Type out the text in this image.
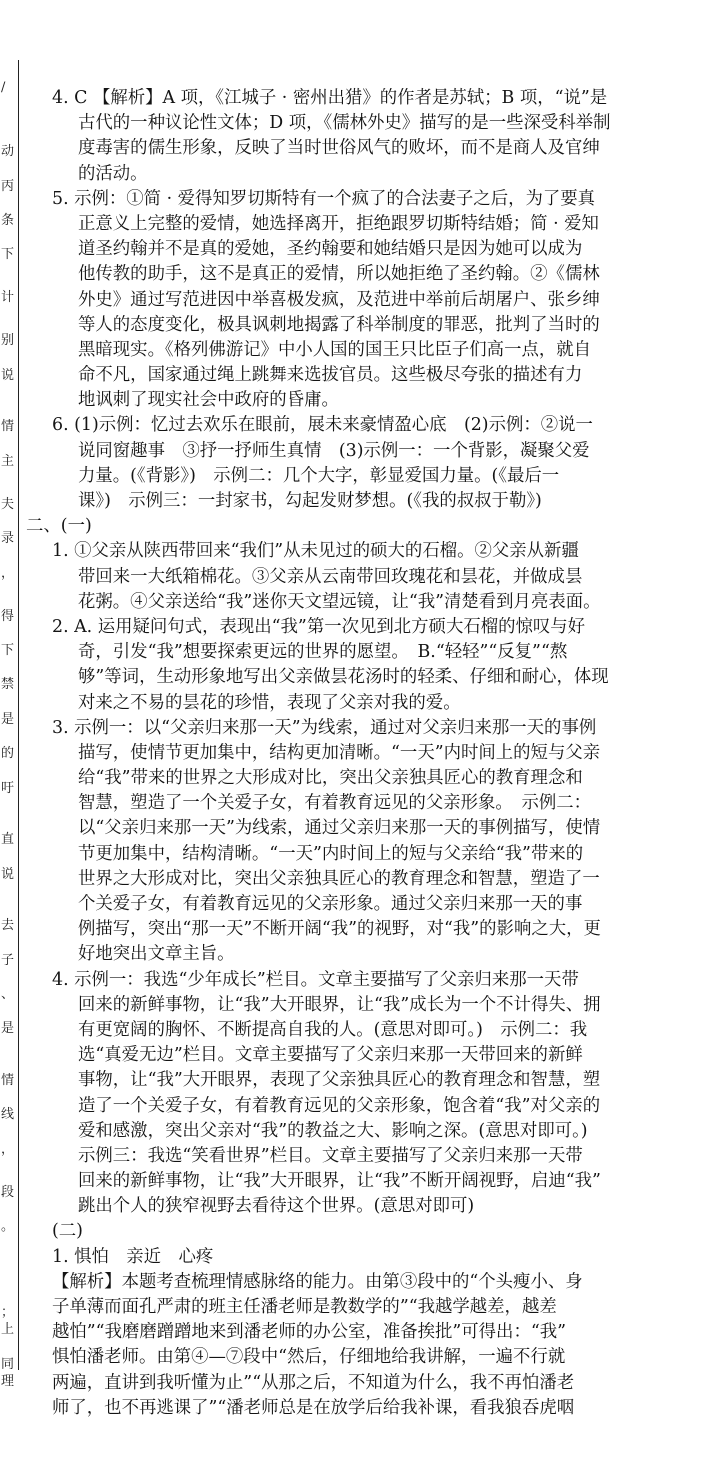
/
动
丙
条
下
计
别
说
情
主
夫
录
，
得
下
禁
是
的
吁
直
说
去
子
、
是
情
线
，
段
。
；
上
同
理
4. C 【解析】A 项，《江城子 · 密州出猎》的作者是苏轼；B 项，“说”是
古代的一种议论性文体；D 项，《儒林外史》描写的是一些深受科举制
度毒害的儒生形象，反映了当时世俗风气的败坏，而不是商人及官绅
的活动。
5. 示例：①简 · 爱得知罗切斯特有一个疯了的合法妻子之后，为了要真
正意义上完整的爱情，她选择离开，拒绝跟罗切斯特结婚；简 · 爱知
道圣约翰并不是真的爱她，圣约翰要和她结婚只是因为她可以成为
他传教的助手，这不是真正的爱情，所以她拒绝了圣约翰。②《儒林
外史》通过写范进因中举喜极发疯，及范进中举前后胡屠户、张乡绅
等人的态度变化，极具讽刺地揭露了科举制度的罪恶，批判了当时的
黑暗现实。《格列佛游记》中小人国的国王只比臣子们高一点，就自
命不凡，国家通过绳上跳舞来选拔官员。这些极尽夸张的描述有力
地讽刺了现实社会中政府的昏庸。
6. (1)示例：忆过去欢乐在眼前，展未来豪情盈心底　(2)示例：②说一
说同窗趣事　③抒一抒师生真情　(3)示例一：一个背影，凝聚父爱
力量。(《背影》)　示例二：几个大字，彰显爱国力量。(《最后一
课》)　示例三：一封家书，勾起发财梦想。(《我的叔叔于勒》)
二、(一)
1. ①父亲从陕西带回来“我们”从未见过的硕大的石榴。②父亲从新疆
带回来一大纸箱棉花。③父亲从云南带回玫瑰花和昙花，并做成昙
花粥。④父亲送给“我”迷你天文望远镜，让“我”清楚看到月亮表面。
2. A. 运用疑问句式，表现出“我”第一次见到北方硕大石榴的惊叹与好
奇，引发“我”想要探索更远的世界的愿望。　B.“轻轻”“反复”“熬
够”等词，生动形象地写出父亲做昙花汤时的轻柔、仔细和耐心，体现
对来之不易的昙花的珍惜，表现了父亲对我的爱。
3. 示例一：以“父亲归来那一天”为线索，通过对父亲归来那一天的事例
描写，使情节更加集中，结构更加清晰。“一天”内时间上的短与父亲
给“我”带来的世界之大形成对比，突出父亲独具匠心的教育理念和
智慧，塑造了一个关爱子女，有着教育远见的父亲形象。　示例二：
以“父亲归来那一天”为线索，通过父亲归来那一天的事例描写，使情
节更加集中，结构清晰。“一天”内时间上的短与父亲给“我”带来的
世界之大形成对比，突出父亲独具匠心的教育理念和智慧，塑造了一
个关爱子女，有着教育远见的父亲形象。通过父亲归来那一天的事
例描写，突出“那一天”不断开阔“我”的视野，对“我”的影响之大，更
好地突出文章主旨。
4. 示例一：我选“少年成长”栏目。文章主要描写了父亲归来那一天带
回来的新鲜事物，让“我”大开眼界，让“我”成长为一个不计得失、拥
有更宽阔的胸怀、不断提高自我的人。(意思对即可。)　示例二：我
选“真爱无边”栏目。文章主要描写了父亲归来那一天带回来的新鲜
事物，让“我”大开眼界，表现了父亲独具匠心的教育理念和智慧，塑
造了一个关爱子女，有着教育远见的父亲形象，饱含着“我”对父亲的
爱和感激，突出父亲对“我”的教益之大、影响之深。(意思对即可。)
示例三：我选“笑看世界”栏目。文章主要描写了父亲归来那一天带
回来的新鲜事物，让“我”大开眼界，让“我”不断开阔视野，启迪“我”
跳出个人的狭窄视野去看待这个世界。(意思对即可)
(二)
1. 惧怕　亲近　心疼
【解析】本题考查梳理情感脉络的能力。由第③段中的“个头瘦小、身
子单薄而面孔严肃的班主任潘老师是教数学的”“我越学越差，越差
越怕”“我磨磨蹭蹭地来到潘老师的办公室，准备挨批”可得出：“我”
惧怕潘老师。由第④—⑦段中“然后，仔细地给我讲解，一遍不行就
两遍，直讲到我听懂为止”“从那之后，不知道为什么，我不再怕潘老
师了，也不再逃课了”“潘老师总是在放学后给我补课，看我狼吞虎咽
